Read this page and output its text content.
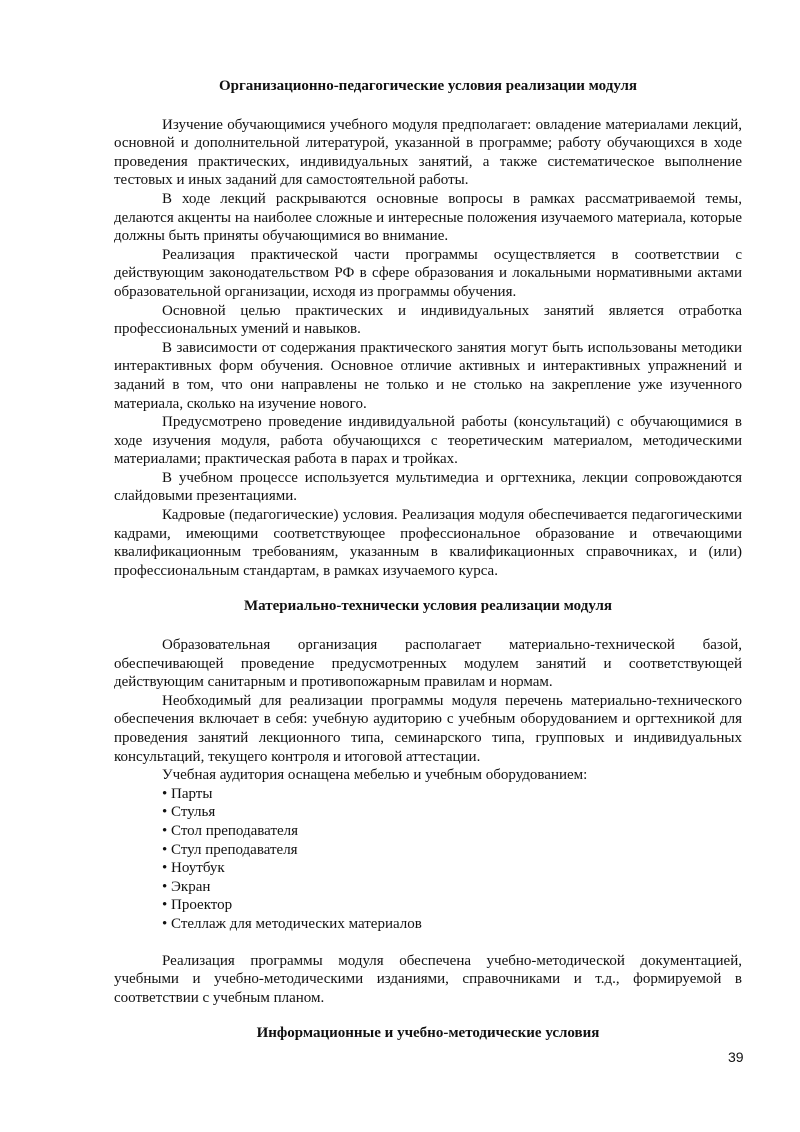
Организационно-педагогические условия реализации модуля

Изучение обучающимися учебного модуля предполагает: овладение материалами лекций, основной и дополнительной литературой, указанной в программе; работу обучающихся в ходе проведения практических, индивидуальных занятий, а также систематическое выполнение тестовых и иных заданий для самостоятельной работы.

В ходе лекций раскрываются основные вопросы в рамках рассматриваемой темы, делаются акценты на наиболее сложные и интересные положения изучаемого материала, которые должны быть приняты обучающимися во внимание.

Реализация практической части программы осуществляется в соответствии с действующим законодательством РФ в сфере образования и локальными нормативными актами образовательной организации, исходя из программы обучения.

Основной целью практических и индивидуальных занятий является отработка профессиональных умений и навыков.

В зависимости от содержания практического занятия могут быть использованы методики интерактивных форм обучения. Основное отличие активных и интерактивных упражнений и заданий в том, что они направлены не только и не столько на закрепление уже изученного материала, сколько на изучение нового.

Предусмотрено проведение индивидуальной работы (консультаций) с обучающимися в ходе изучения модуля, работа обучающихся с теоретическим материалом, методическими материалами; практическая работа в парах и тройках.

В учебном процессе используется мультимедиа и оргтехника, лекции сопровождаются слайдовыми презентациями.

Кадровые (педагогические) условия. Реализация модуля обеспечивается педагогическими кадрами, имеющими соответствующее профессиональное образование и отвечающими квалификационным требованиям, указанным в квалификационных справочниках, и (или) профессиональным стандартам, в рамках изучаемого курса.

Материально-технически условия реализации модуля

Образовательная организация располагает материально-технической базой, обеспечивающей проведение предусмотренных модулем занятий и соответствующей действующим санитарным и противопожарным правилам и нормам.

Необходимый для реализации программы модуля перечень материально-технического обеспечения включает в себя: учебную аудиторию с учебным оборудованием и оргтехникой для проведения занятий лекционного типа, семинарского типа, групповых и индивидуальных консультаций, текущего контроля и итоговой аттестации.

Учебная аудитория оснащена мебелью и учебным оборудованием:

• Парты
• Стулья
• Стол преподавателя
• Стул преподавателя
• Ноутбук
• Экран
• Проектор
• Стеллаж для методических материалов

Реализация программы модуля обеспечена учебно-методической документацией, учебными и учебно-методическими изданиями, справочниками и т.д., формируемой в соответствии с учебным планом.

Информационные и учебно-методические условия
39
